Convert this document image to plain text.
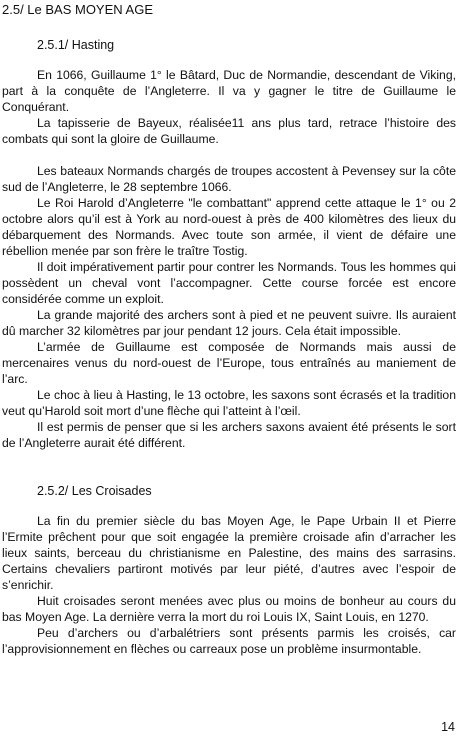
2.5/ Le BAS MOYEN AGE
2.5.1/ Hasting

En 1066, Guillaume 1° le Bâtard, Duc de Normandie, descendant de Viking, part à la conquête de l’Angleterre. Il va y gagner le titre de Guillaume le Conquérant.

La tapisserie de Bayeux, réalisée11 ans plus tard, retrace l’histoire des combats qui sont la gloire de Guillaume.

Les bateaux Normands chargés de troupes accostent à Pevensey sur la côte sud de l’Angleterre, le 28 septembre 1066.

Le Roi Harold d’Angleterre "le combattant" apprend cette attaque le 1° ou 2 octobre alors qu’il est à York au nord-ouest à près de 400 kilomètres des lieux du débarquement des Normands. Avec toute son armée, il vient de défaire une rébellion menée par son frère le traître Tostig.

Il doit impérativement partir pour contrer les Normands. Tous les hommes qui possèdent un cheval vont l’accompagner. Cette course forcée est encore considérée comme un exploit.

La grande majorité des archers sont à pied et ne peuvent suivre. Ils auraient dû marcher 32 kilomètres par jour pendant 12 jours. Cela était impossible.

L’armée de Guillaume est composée de Normands mais aussi de mercenaires venus du nord-ouest de l’Europe, tous entraînés au maniement de l’arc.

Le choc à lieu à Hasting, le 13 octobre, les saxons sont écrasés et la tradition veut qu’Harold soit mort d’une flèche qui l’atteint à l’œil.

Il est permis de penser que si les archers saxons avaient été présents le sort de l’Angleterre aurait été différent.

2.5.2/ Les Croisades

La fin du premier siècle du bas Moyen Age, le Pape Urbain II et Pierre l’Ermite prêchent pour que soit engagée la première croisade afin d’arracher les lieux saints, berceau du christianisme en Palestine, des mains des sarrasins. Certains chevaliers partiront motivés par leur piété, d’autres avec l’espoir de s’enrichir.

Huit croisades seront menées avec plus ou moins de bonheur au cours du bas Moyen Age. La dernière verra la mort du roi Louis IX, Saint Louis, en 1270.

Peu d’archers ou d’arbalétriers sont présents parmis les croisés, car l’approvisionnement en flèches ou carreaux pose un problème insurmontable.

14
